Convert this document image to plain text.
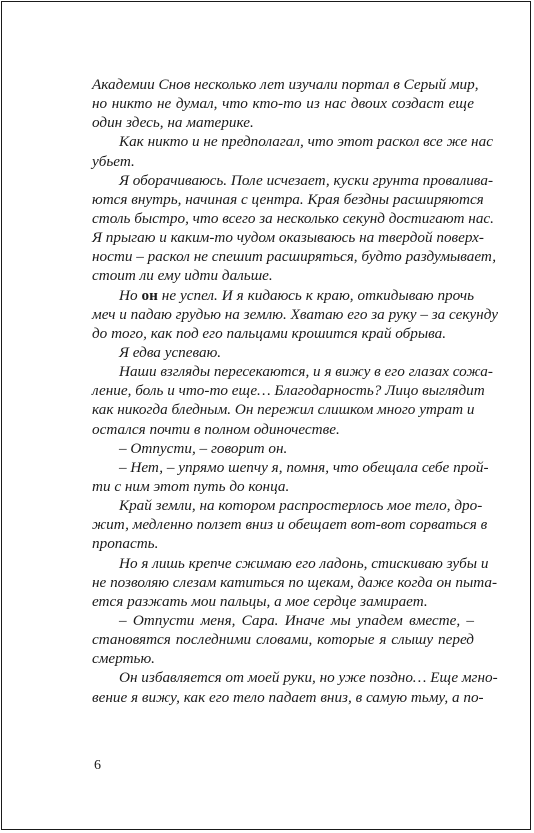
Академии Снов несколько лет изучали портал в Серый мир,
но никто не думал, что кто-то из нас двоих создаст еще
один здесь, на материке.
Как никто и не предполагал, что этот раскол все же нас
убьет.
Я оборачиваюсь. Поле исчезает, куски грунта проваливa-
ются внутрь, начиная с центра. Края бездны расширяются
столь быстро, что всего за несколько секунд достигают нас.
Я прыгаю и каким-то чудом оказываюсь на твердой поверх-
ности – раскол не спешит расширяться, будто раздумывает,
стоит ли ему идти дальше.
Но он не успел. И я кидаюсь к краю, откидываю прочь
меч и падаю грудью на землю. Хватаю его за руку – за секунду
до того, как под его пальцами крошится край обрыва.
Я едва успеваю.
Наши взгляды пересекаются, и я вижу в его глазах сожа-
ление, боль и что-то еще… Благодарность? Лицо выглядит
как никогда бледным. Он пережил слишком много утрат и
остался почти в полном одиночестве.
– Отпусти, – говорит он.
– Нет, – упрямо шепчу я, помня, что обещала себе прой-
ти с ним этот путь до конца.
Край земли, на котором распростерлось мое тело, дро-
жит, медленно ползет вниз и обещает вот-вот сорваться в
пропасть.
Но я лишь крепче сжимаю его ладонь, стискиваю зубы и
не позволяю слезам катиться по щекам, даже когда он пыта-
ется разжать мои пальцы, а мое сердце замирает.
– Отпусти меня, Сара. Иначе мы упадем вместе, –
становятся последними словами, которые я слышу перед
смертью.
Он избавляется от моей руки, но уже поздно… Еще мгно-
вение я вижу, как его тело падает вниз, в самую тьму, а по-
6
